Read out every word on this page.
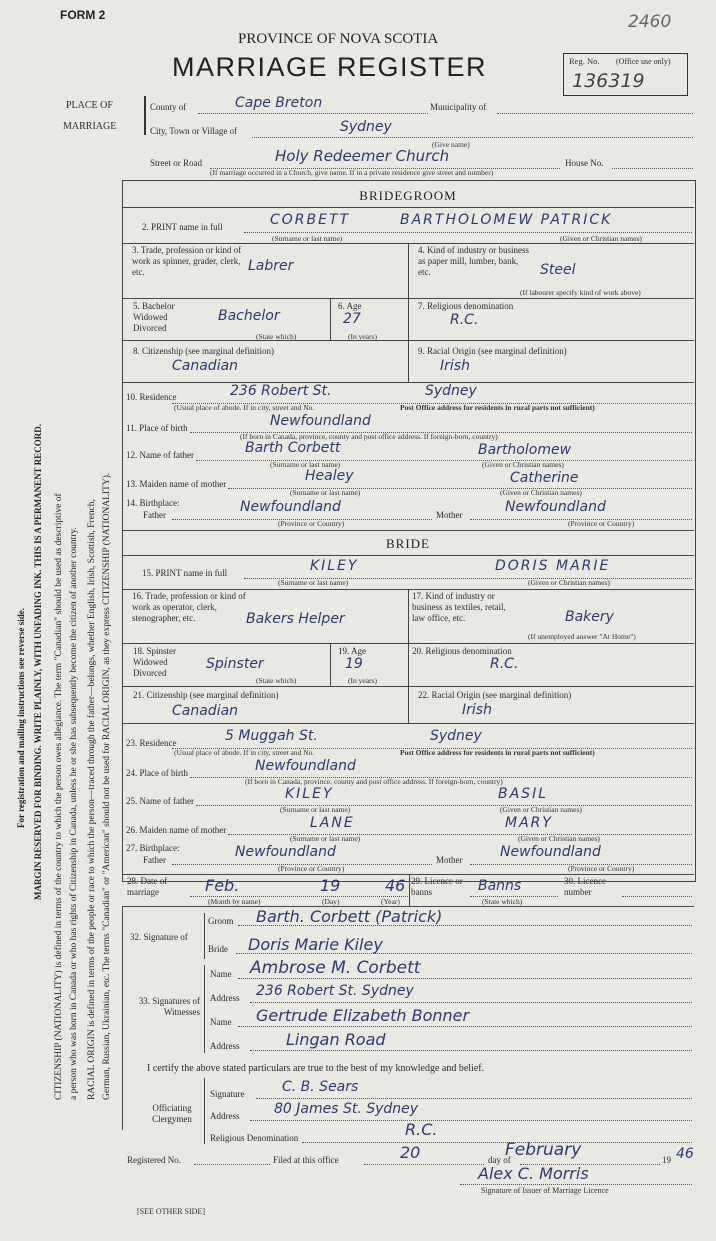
FORM 2	2460
PROVINCE OF NOVA SCOTIA
MARRIAGE REGISTER	Reg. No. (Office use only)
136319
PLACE OF
MARRIAGE
County of	Cape Breton	Municipality of
City, Town or Village of	Sydney
(Give name)
Street or Road	Holy Redeemer Church	House No.
(If marriage occurred in a Church, give name. If in a private residence give street and number)
For registration and mailing instructions see reverse side. MARGIN RESERVED FOR BINDING. WRITE PLAINLY, WITH UNFADING INK. THIS IS A PERMANENT RECORD. CITIZENSHIP (NATIONALITY) is defined in terms of the country to which the person owes allegiance. The term "Canadian" should be used as descriptive of a person who was born in Canada or who has rights of Citizenship in Canada, unless he or she has subsequently become the citizen of another country. RACIAL ORIGIN is defined in terms of the people or race to which the person—traced through the father—belongs, whether English, Irish, Scottish, French, German, Russian, Ukrainian, etc. The terms "Canadian" or "American" should not be used for RACIAL ORIGIN, as they express CITIZENSHIP (NATIONALITY).
BRIDEGROOM
2. PRINT name in full	CORBETT	BARTHOLOMEW PATRICK
(Surname or last name)	(Given or Christian names)
3. Trade, profession or kind of work as spinner, grader, clerk, etc.	Labrer
4. Kind of industry or business as paper mill, lumber, bank, etc.	Steel
(If labourer specify kind of work above)
5. Bachelor Widowed Divorced
Bachelor
(State which)
6. Age
27
(In years)
7. Religious denomination
R.C.
8. Citizenship (see marginal definition)
Canadian
9. Racial Origin (see marginal definition)
Irish
10. Residence	236 Robert St.	Sydney
(Usual place of abode. If in city, street and No.	Post Office address for residents in rural parts not sufficient)
11. Place of birth	Newfoundland
(If born in Canada, province, county and post office address. If foreign-born, country)
12. Name of father	Barth Corbett	Bartholomew
(Surname or last name)	(Given or Christian names)
13. Maiden name of mother	Healey	Catherine
(Surname or last name)	(Given or Christian names)
14. Birthplace:
Father	Newfoundland
(Province or Country)
Mother	Newfoundland
(Province or Country)
BRIDE
15. PRINT name in full	KILEY	DORIS MARIE
(Surname or last name)	(Given or Christian names)
16. Trade, profession or kind of work as operator, clerk, stenographer, etc.	Bakers Helper
17. Kind of industry or business as textiles, retail, law office, etc.	Bakery
(If unemployed answer "At Home")
18. Spinster Widowed Divorced
Spinster
(State which)
19. Age
19
(In years)
20. Religious denomination
R.C.
21. Citizenship (see marginal definition)
Canadian
22. Racial Origin (see marginal definition)
Irish
23. Residence	5 Muggah St.	Sydney
(Usual place of abode. If in city, street and No.	Post Office address for residents in rural parts not sufficient)
24. Place of birth	Newfoundland
(If born in Canada, province, county and post office address. If foreign-born, country)
25. Name of father	KILEY	BASIL
(Surname or last name)	(Given or Christian names)
26. Maiden name of mother	LANE	MARY
(Surname or last name)	(Given or Christian names)
27. Birthplace:
Father	Newfoundland
(Province or Country)
Mother	Newfoundland
(Province or Country)
28. Date of marriage	Feb.	19	46
(Month by name)	(Day)	(Year)
29. Licence or banns	Banns
(State which)
30. Licence number
32. Signature of
Groom Barth. Corbett (Patrick)
Bride Doris Marie Kiley
33. Signatures of Witnesses
Name Ambrose M. Corbett
Address 236 Robert St. Sydney
Name Gertrude Elizabeth Bonner
Address	Lingan Road
I certify the above stated particulars are true to the best of my knowledge and belief.
Officiating Clergymen
Signature	C. B. Sears
Address 80 James St. Sydney
Religious Denomination	R.C.
Registered No.	Filed at this office	20	day of
February	19 46
Alex C. Morris
Signature of Issuer of Marriage Licence
[SEE OTHER SIDE]
